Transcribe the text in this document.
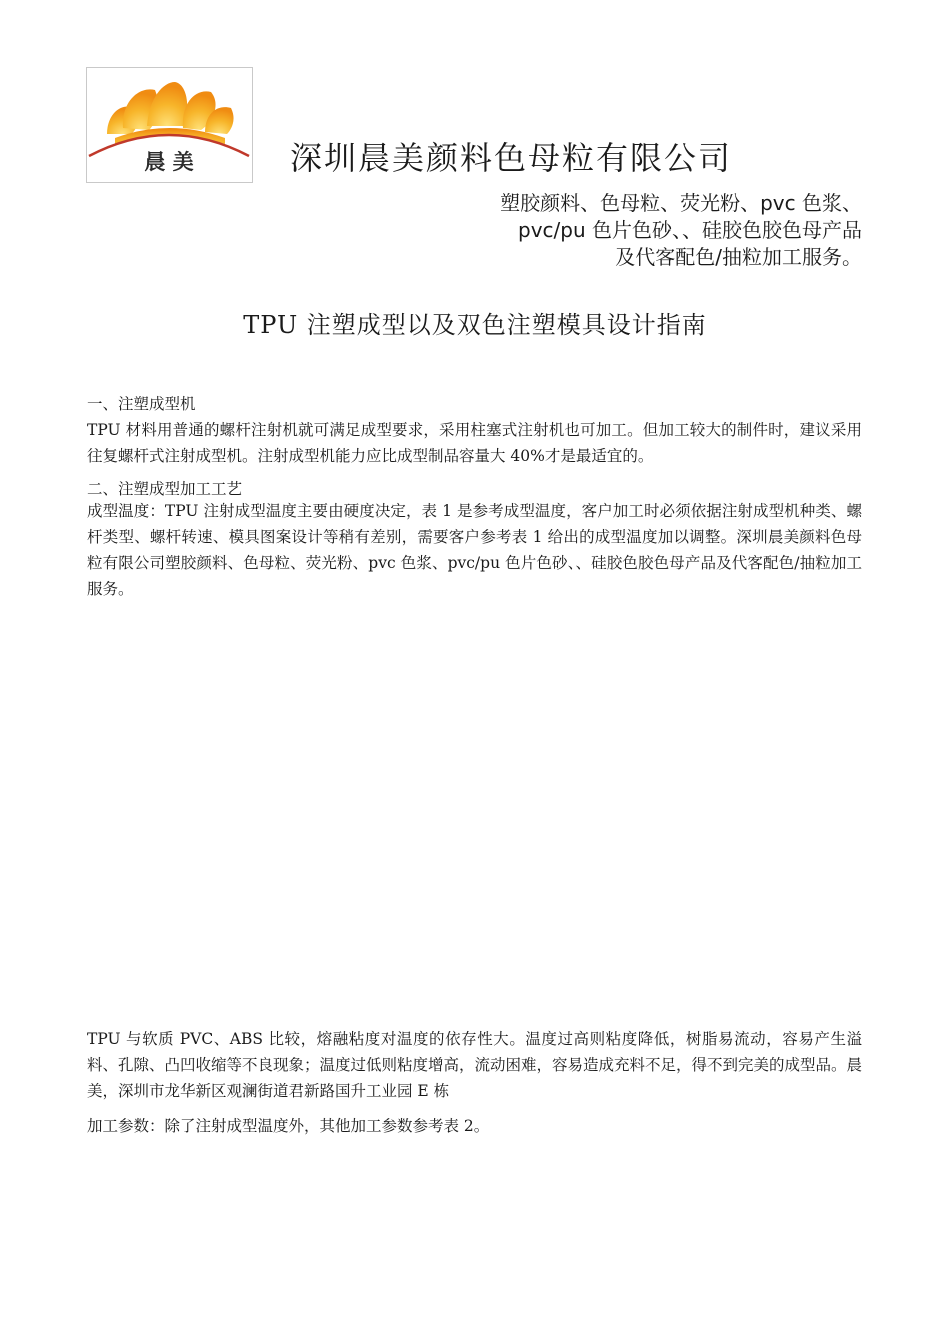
晨 美	深圳晨美颜料色母粒有限公司
塑胶颜料、色母粒、荧光粉、pvc 色浆、
pvc/pu 色片色砂、、硅胶色胶色母产品
及代客配色/抽粒加工服务。
TPU 注塑成型以及双色注塑模具设计指南
一、注塑成型机
TPU 材料用普通的螺杆注射机就可满足成型要求，采用柱塞式注射机也可加工。但加工较大的制件时，建议采用往复螺杆式注射成型机。注射成型机能力应比成型制品容量大 40%才是最适宜的。
二、注塑成型加工工艺
成型温度：TPU 注射成型温度主要由硬度决定，表 1 是参考成型温度，客户加工时必须依据注射成型机种类、螺杆类型、螺杆转速、模具图案设计等稍有差别，需要客户参考表 1 给出的成型温度加以调整。深圳晨美颜料色母粒有限公司塑胶颜料、色母粒、荧光粉、pvc 色浆、pvc/pu 色片色砂、、硅胶色胶色母产品及代客配色/抽粒加工服务。
TPU 与软质 PVC、ABS 比较，熔融粘度对温度的依存性大。温度过高则粘度降低，树脂易流动，容易产生溢料、孔隙、凸凹收缩等不良现象；温度过低则粘度增高，流动困难，容易造成充料不足，得不到完美的成型品。晨美，深圳市龙华新区观澜街道君新路国升工业园 E 栋
加工参数：除了注射成型温度外，其他加工参数参考表 2。
